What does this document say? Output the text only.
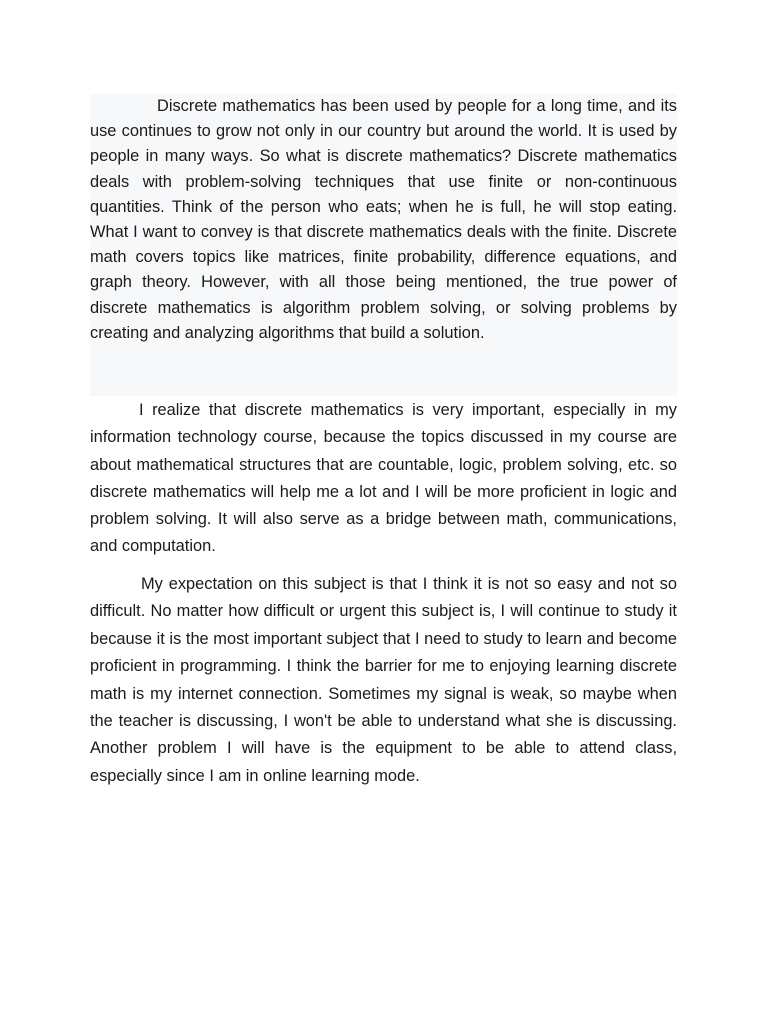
Discrete mathematics has been used by people for a long time, and its use continues to grow not only in our country but around the world. It is used by people in many ways. So what is discrete mathematics? Discrete mathematics deals with problem-solving techniques that use finite or non-continuous quantities. Think of the person who eats; when he is full, he will stop eating. What I want to convey is that discrete mathematics deals with the finite. Discrete math covers topics like matrices, finite probability, difference equations, and graph theory. However, with all those being mentioned, the true power of discrete mathematics is algorithm problem solving, or solving problems by creating and analyzing algorithms that build a solution.

I realize that discrete mathematics is very important, especially in my information technology course, because the topics discussed in my course are about mathematical structures that are countable, logic, problem solving, etc. so discrete mathematics will help me a lot and I will be more proficient in logic and problem solving. It will also serve as a bridge between math, communications, and computation.

My expectation on this subject is that I think it is not so easy and not so difficult. No matter how difficult or urgent this subject is, I will continue to study it because it is the most important subject that I need to study to learn and become proficient in programming. I think the barrier for me to enjoying learning discrete math is my internet connection. Sometimes my signal is weak, so maybe when the teacher is discussing, I won't be able to understand what she is discussing. Another problem I will have is the equipment to be able to attend class, especially since I am in online learning mode.
